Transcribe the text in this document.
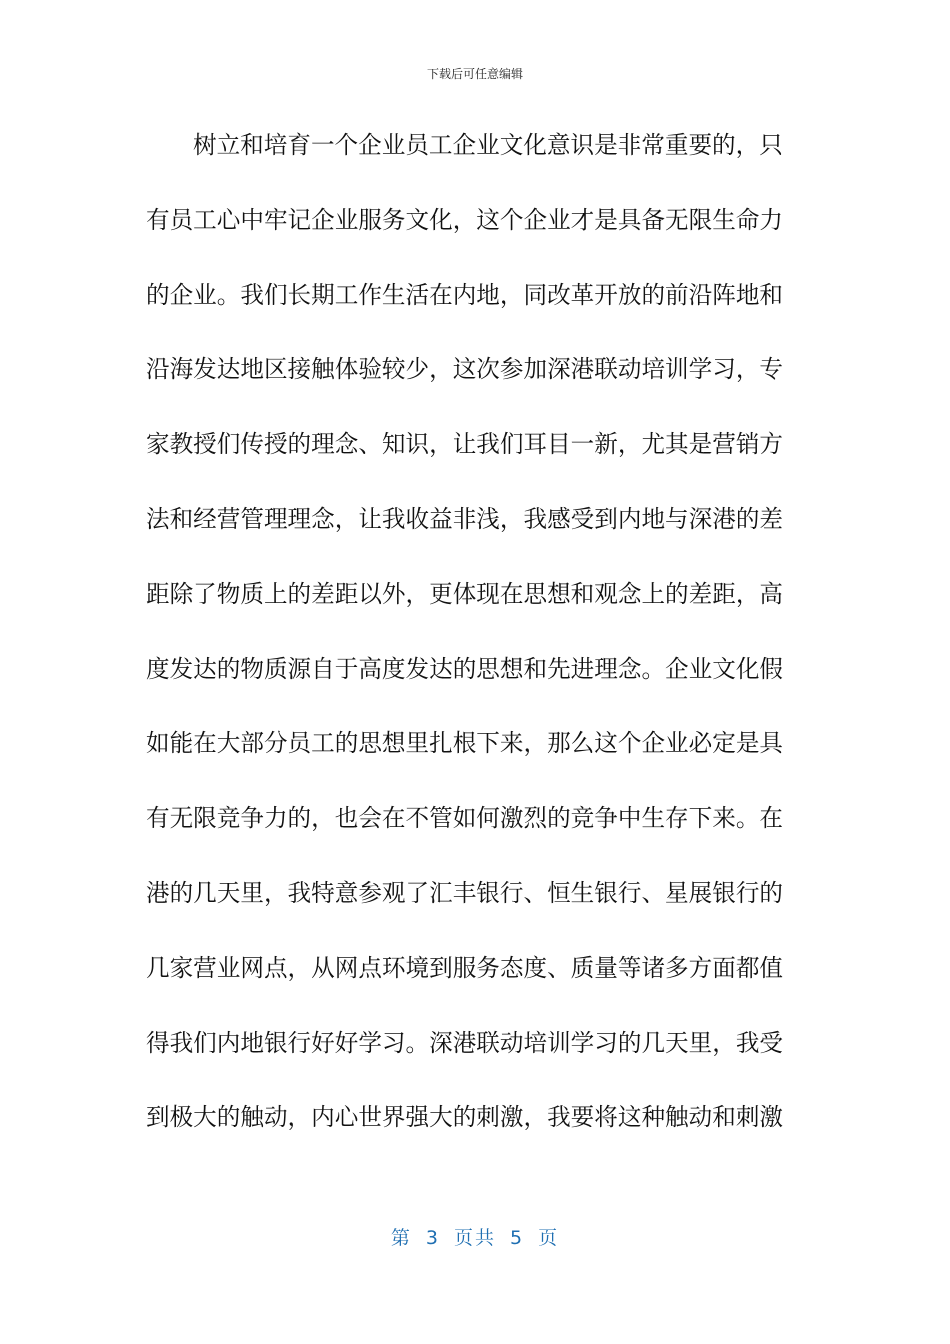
下载后可任意编辑
树立和培育一个企业员工企业文化意识是非常重要的，只
有员工心中牢记企业服务文化，这个企业才是具备无限生命力
的企业。我们长期工作生活在内地，同改革开放的前沿阵地和
沿海发达地区接触体验较少，这次参加深港联动培训学习，专
家教授们传授的理念、知识，让我们耳目一新，尤其是营销方
法和经营管理理念，让我收益非浅，我感受到内地与深港的差
距除了物质上的差距以外，更体现在思想和观念上的差距，高
度发达的物质源自于高度发达的思想和先进理念。企业文化假
如能在大部分员工的思想里扎根下来，那么这个企业必定是具
有无限竞争力的，也会在不管如何激烈的竞争中生存下来。在
港的几天里，我特意参观了汇丰银行、恒生银行、星展银行的
几家营业网点，从网点环境到服务态度、质量等诸多方面都值
得我们内地银行好好学习。深港联动培训学习的几天里，我受
到极大的触动，内心世界强大的刺激，我要将这种触动和刺激
第 3 页共 5 页
